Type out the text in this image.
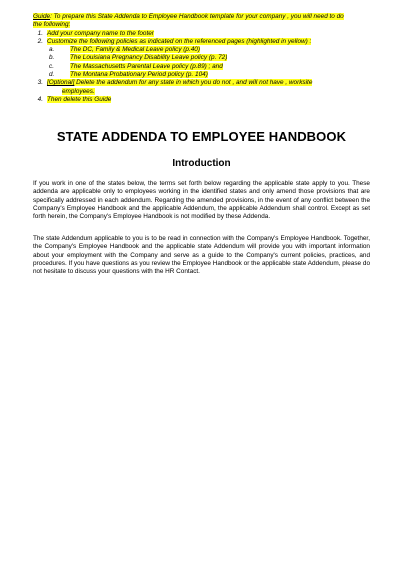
Guide: To prepare this State Addenda to Employee Handbook template for your company , you will need to do
the following:
1. Add your company name to the footer
2. Customize the following policies as indicated on the referenced pages (highlighted in yellow) :
a. The DC, Family & Medical Leave policy (p.40)
b. The Louisiana Pregnancy Disability Leave policy (p. 72)
c.	The Massachusetts Parental Leave policy (p.89) ; and
d. The Montana Probationary Period policy (p. 104)
3. [Optional] Delete the addendum for any state in which you do not , and will not have , worksite
employees.
4. Then delete this Guide
STATE ADDENDA TO EMPLOYEE HANDBOOK
Introduction
If you work in one of the states below, the terms set forth below regarding the applicable state apply to you. These addenda are applicable only to employees working in the identified states and only amend those provisions that are specifically addressed in each addendum. Regarding the amended provisions, in the event of any conflict between the Company's Employee Handbook and the applicable Addendum, the applicable Addendum shall control. Except as set forth herein, the Company's Employee Handbook is not modified by these Addenda.
The state Addendum applicable to you is to be read in connection with the Company's Employee Handbook. Together, the Company's Employee Handbook and the applicable state Addendum will provide you with important information about your employment with the Company and serve as a guide to the Company's current policies, practices, and procedures. If you have questions as you review the Employee Handbook or the applicable state Addendum, please do not hesitate to discuss your questions with the HR Contact.
